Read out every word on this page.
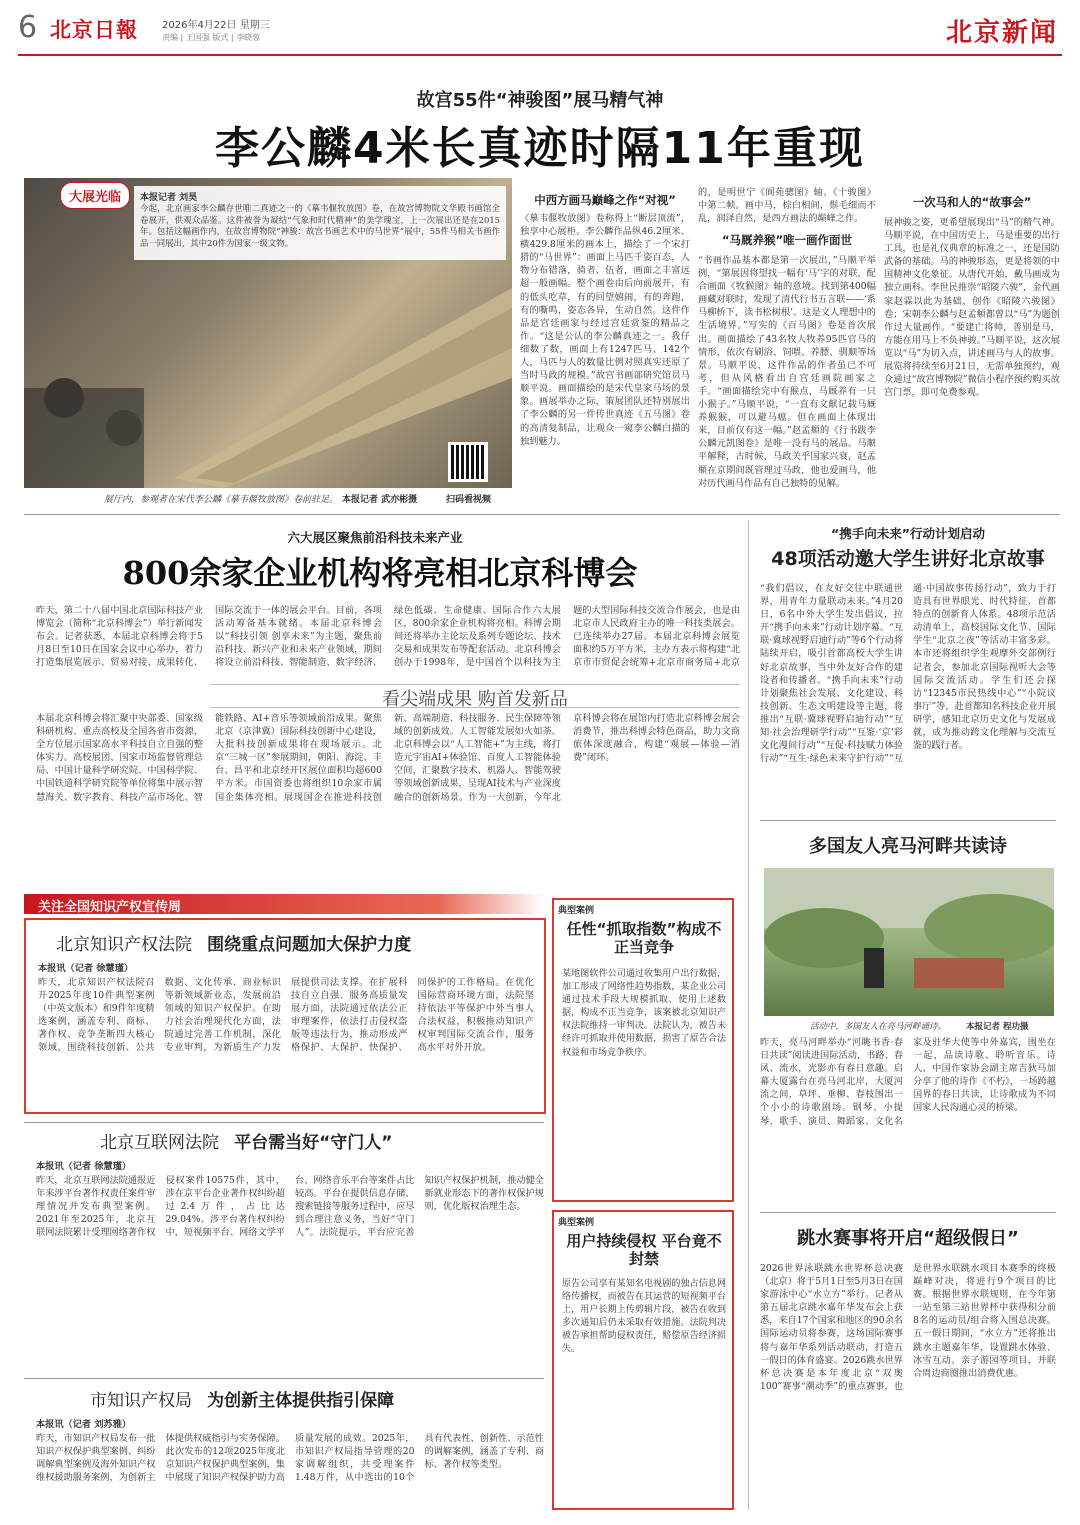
6 北京日報 2026年4月22日 星期三
责编 | 王国强 版式 | 李晓蓉	北京新闻
故宫55件“神骏图”展马精气神
李公麟4米长真迹时隔11年重现
大展光临	本报记者 刘昊
今起，北京画家李公麟存世唯二真迹之一的《摹韦偃牧放图》卷，在故宫博物院文华殿书画馆全卷展开，供观众品鉴。这件被誉为凝结“气象和时代精神”的美学瑰宝，上一次展出还是在2015年。包括这幅画作内，在故宫博物院“神骏：故宫书画艺术中的马世界”展中，55件马相关书画作品一同展出，其中20件为国家一级文物。
展厅内，参观者在宋代李公麟《摹韦偃牧放图》卷前驻足。 本报记者 武亦彬摄	扫码看视频
中西方画马巅峰之作“对视”
《摹韦偃牧放图》卷称得上“断层顶流”，独享中心展柜。李公麟作品纵46.2厘米、横429.8厘米的画本上，描绘了一个宋打猎的“马世界”：画面上马匹千姿百态，人物分布错落，骑者、伍者，画面之丰富远超一般画幅。整个画卷由后向前展开，有的低头吃草，有的回望嬉闹，有的奔跑，有的嘶鸣，姿态各异，生动自然。这件作品是宫廷画家与经过宫廷赏鉴的精品之作。“这是公认的李公麟真迹之一。我仔细数了数，画面上有1247匹马、142个人，马匹与人的数量比例对照真实还原了当时马政的规模。”故宫书画部研究馆员马顺平说。画面描绘的是宋代皇家马场的景象。画展举办之际，策展团队还特别展出了李公麟的另一件传世真迹《五马图》卷的高清复制品，让观众一窥李公麟白描的独到魅力。
的，是明世宁《阆苑骢图》轴、《十骏图》中第二帧。画中马，棕白相间，鬃毛细而不乱，润泽自然，是西方画法的巅峰之作。
“马厩养猴”唯一画作面世
“书画作品基本都是第一次展出，”马顺平举例，“第展因将望找一幅有‘马’字的对联，配合画面《牧猴图》轴的意境。找到第400幅画藏对联时，发现了清代行书五言联——‘系马柳桥下，读书松树根’。这是文人理想中的生活境界。”写实的《百马图》卷是首次展出。画面描绘了43名牧人牧养95匹官马的情形，依次有刷浴、饲喂、养膘、驯顺等场景。马顺平说，这件作品的作者虽已不可考，但从风格看出自宫廷画院画家之手。“画面描绘完中有猴点，马厩养有一只小猴子。”马顺平说，“一直有文献记载马厩养猴猴，可以避马瘟。但在画面上体现出来，目前仅有这一幅。”赵孟頫的《行书跋李公麟元凯图卷》是唯一没有马的展品。马顺平解释，古时候，马政关乎国家兴衰，赵孟頫在京期间既管理过马政，他也爱画马，他对历代画马作品有自己独特的见解。
一次马和人的“故事会”
展神骏之姿，更希望展现出“马”的精气神。马顺平说，在中国历史上，马是重要的出行工具，也是礼仪典章的标准之一，还是国防武备的基础。马的神骏形态，更是将领的中国精神文化象征。从唐代开始，戴马画成为独立画科。李世民推崇“昭陵六骏”，金代画家赵霖以此为基础，创作《昭陵六骏图》卷；宋朝李公麟与赵孟頫都曾以“马”为题创作过大量画作。“要建亡将帅，善别是马，方能在用马上不负神骏。”马顺平说，这次展览以“马”为切入点，讲述画马与人的故事。展览将持续至6月21日，无需单独预约，观众通过“故宫博物院”微信小程序预约购买故宫门票，即可免费参观。
六大展区聚焦前沿科技未来产业
800余家企业机构将亮相北京科博会
昨天，第二十八届中国北京国际科技产业博览会（简称“北京科博会”）举行新闻发布会。记者获悉，本届北京科博会将于5月8日至10日在国家会议中心举办，着力打造集展览展示、贸易对接、成果转化、国际交流于一体的展会平台。目前，各项活动筹备基本就绪。本届北京科博会以“科技引领 创享未来”为主题，聚焦前沿科技、新兴产业和未来产业领域，期间将设立前沿科技、智能制造、数字经济、绿色低碳、生命健康、国际合作六大展区，800余家企业机构将亮相。科博会期间还将举办主论坛及系列专题论坛、技术交易和成果发布等配套活动。北京科博会创办于1998年，是中国首个以科技为主题的大型国际科技交流合作展会，也是由北京市人民政府主办的唯一科技类展会。已连续举办27届。本届北京科博会展览面积约5万平方米，主办方表示将构建“北京市市贸促会统筹+北京市商务局+北京
看尖端成果 购首发新品
本届北京科博会将汇聚中央部委、国家级科研机构、重点高校及全国各省市资源，全方位展示国家高水平科技自立自强的整体实力。高校展团、国家市场监督管理总局、中国计量科学研究院、中国科学院、中国铁道科学研究院等单位将集中展示智慧海关、数字教育、科技产品市场化、智能铁路、AI+音乐等领域前沿成果。聚焦北京（京津冀）国际科技创新中心建设，大批科技创新成果将在现场展示。北京“三城一区”参展期间，朝阳、海淀、丰台、昌平和北京经开区展位面积均超600平方米。市国资委也将组织10余家市属国企集体亮相。展现国企在推进科技创新、高端制造、科技服务、民生保障等领域的创新成效。人工智能发展如火如荼。北京科博会以“人工智能+”为主线，将打造元宇宙AI+体验馆、百度人工智能体验空间，汇聚数字技术、机器人、智能驾驶等领域创新成果，呈现AI技术与产业深度融合的创新场景。作为一大创新，今年北京科博会将在展馆内打造北京科博会展会消费节，推出科博会特色商品，助力文商旅体深度融合，构建“观展—体验—消费”闭环。
“携手向未来”行动计划启动
48项活动邀大学生讲好北京故事
“我们倡议，在友好交往中联通世界，用青年力量联动未来。”4月20日，6名中外大学生发出倡议，拉开“携手向未来”行动计划序幕。“互联·冀球视野启迪行动”等6个行动将陆续开启，吸引首都高校大学生讲好北京故事，当中外友好合作的建设者和传播者。“携手向未来”行动计划聚焦社会发展、文化建设、科技创新、生态文明建设等主题，将推出“互联·冀球视野启迪行动”“互知·社会治理研学行动”“互鉴·‘京’彩文化漫间行动”“互促·科技赋力体验行动”“互生·绿色未来守护行动”“互通·中国故事传扬行动”，致力于打造具有世界眼光、时代特征、首都特点的创新育人体系。48项示范活动清单上，高校国际文化节、国际学生“北京之夜”等活动丰富多彩。本市还将组织学生观摩外交部例行记者会，参加北京国际视听大会等国际交流活动。学生们还会探访“12345市民热线中心”“小院议事厅”等，赴首都知名科技企业开展研学，感知北京历史文化与发展成就，成为推动跨文化理解与交流互鉴的践行者。
多国友人亮马河畔共读诗
活动中，多国友人在亮马河畔诵诗。 本报记者 程功摄
昨天，亮马河畔举办“河眺书香·春日共读”阅读进国际活动，书路、春风、流水，光影亦有春日意趣。启幕大厦露台在亮马河北岸，大厦河流之间，草坪、垂柳、春枝围出一个小小的诗歌剧场。钢琴、小提琴、歌手、演员、舞蹈家、文化名家及驻华大使等中外嘉宾，围坐在一起，品读诗歌、聆听音乐。诗人、中国作家协会副主席吉狄马加分享了他的诗作《不朽》，一场跨越国界的春日共读，让诗歌成为不同国家人民沟通心灵的桥梁。
跳水赛事将开启“超级假日”
2026世界泳联跳水世界杯总决赛（北京）将于5月1日至5月3日在国家游泳中心“水立方”举行。记者从第五届北京跳水嘉年华发布会上获悉，来自17个国家和地区的90余名国际运动员将参赛，这场国际赛事将与嘉年华系列活动联动，打造五一假日的体育盛宴。2026跳水世界杯总决赛是本年度北京“双奥100”赛事“潮动季”的重点赛事，也是世界水联跳水项目本赛季的终极巅峰对决，将进行9个项目的比赛。根据世界水联规则，在今年第一站至第三站世界杯中获得积分前8名的运动员/组合将入围总决赛。五一假日期间，“水立方”还将推出跳水主题嘉年华，设置跳水体验、冰雪互动、亲子游园等项目，并联合周边商圈推出消费优惠。
关注全国知识产权宣传周
北京知识产权法院 围绕重点问题加大保护力度
本报讯（记者 徐慧瑾）
昨天，北京知识产权法院召开2025年度10件典型案例（中英文版本）和9件年度精选案例，涵盖专利、商标、著作权、竞争垄断四大核心领域，围绕科技创新、公共数据、文化传承、商业标识等新领域新业态，发展前沿领域的知识产权保护。在助力社会治理现代化方面，法院通过完善工作机制，深化专业审判，为新质生产力发展提供司法支撑。在扩展科技自立自强、服务高质量发展方面，法院通过依法公正审理案件，依法打击侵权盗版等违法行为，推动形成严格保护、大保护、快保护、同保护的工作格局。在优化国际营商环境方面，法院坚持依法平等保护中外当事人合法权益，积极推动知识产权审判国际交流合作，服务高水平对外开放。
典型案例
任性“抓取指数”构成不正当竞争
某地图软件公司通过收集用户出行数据，加工形成了网络性趋势指数，某企业公司通过技术手段大规模抓取、使用上述数据，构成不正当竞争，该案被北京知识产权法院维持一审判决。法院认为，被告未经许可抓取并使用数据，损害了原告合法权益和市场竞争秩序。
北京互联网法院 平台需当好“守门人”
本报讯（记者 徐慧瑾）
昨天，北京互联网法院通报近年来涉平台著作权责任案件审理情况并发布典型案例。2021年至2025年，北京互联网法院累计受理网络著作权侵权案件10575件，其中，涉在京平台企业著作权纠纷超过2.4万件，占比达29.04%。涉平台著作权纠纷中，短视频平台、网络文学平台、网络音乐平台等案件占比较高。平台在提供信息存储、搜索链接等服务过程中，应尽到合理注意义务，当好“守门人”。法院提示，平台应完善知识产权保护机制，推动健全新就业形态下的著作权保护规则，优化版权治理生态。
典型案例
用户持续侵权 平台竟不封禁
原告公司享有某知名电视剧的独占信息网络传播权，而被告在其运营的短视频平台上，用户长期上传剪辑片段，被告在收到多次通知后仍未采取有效措施。法院判决被告承担帮助侵权责任，赔偿原告经济损失。
市知识产权局 为创新主体提供指引保障
本报讯（记者 刘苏雅）
昨天，市知识产权局发布一批知识产权保护典型案例、纠纷调解典型案例及海外知识产权维权援助服务案例，为创新主体提供权威指引与实务保障。此次发布的12项2025年度北京知识产权保护典型案例，集中展现了知识产权保护助力高质量发展的成效。2025年，市知识产权局指导管理的20家调解组织，共受理案件1.48万件，从中选出的10个具有代表性、创新性、示范性的调解案例，涵盖了专利、商标、著作权等类型。
